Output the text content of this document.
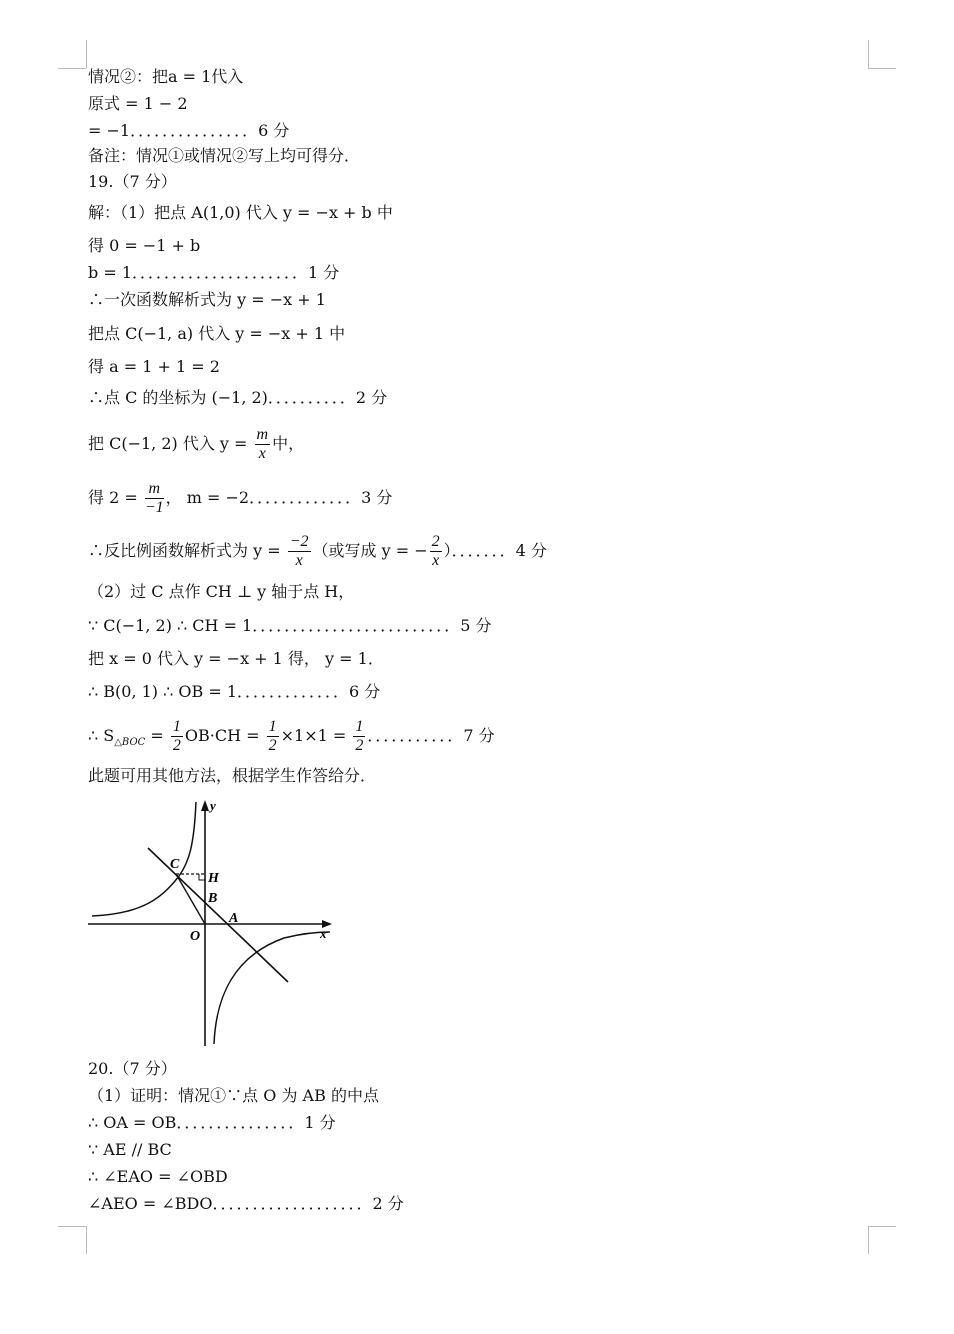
情况②：把a = 1代入
原式 = 1 − 2
= −1．．．．．．．．．．．．．．．6 分
备注：情况①或情况②写上均可得分．
19.（7 分）
解：（1）把点 A(1,0) 代入 y = −x + b 中
得 0 = −1 + b
b = 1．．．．．．．．．．．．．．．．．．．．．1 分
∴一次函数解析式为 y = −x + 1
把点 C(−1, a) 代入 y = −x + 1 中
得 a = 1 + 1 = 2
∴点 C 的坐标为 (−1, 2)．．．．．．．．．．2 分
把 C(−1, 2) 代入 $y = \frac{m}{x}$ 中，
得 $2 = \frac{m}{-1}$ ， m = −2．．．．．．．．．．．．．3 分
∴反比例函数解析式为 $y = \frac{-2}{x}$ （或写成 y = − $\frac{2}{x}$ ）．．．．．．．4 分
（2）过 C 点作 CH ⊥ y 轴于点 H，
∵ C(−1, 2) ∴ CH = 1．．．．．．．．．．．．．．．．．．．．．．．．．5 分
把 x = 0 代入 y = −x + 1 得， y = 1．
∴ B(0, 1) ∴ OB = 1．．．．．．．．．．．．．6 分
∴ $S_{\triangle BOC} = \frac{1}{2} OB\cdot CH = \frac{1}{2} \times 1\times 1 = \frac{1}{2}$ ．．．．．．．．．．．7 分
此题可用其他方法，根据学生作答给分．
y
x
O
A
B
C
H
20.（7 分）
（1）证明：情况①∵点 O 为 AB 的中点
∴ OA = OB．．．．．．．．．．．．．．．1 分
∵ AE // BC
∴ ∠EAO = ∠OBD
∠AEO = ∠BDO．．．．．．．．．．．．．．．．．．．2 分
